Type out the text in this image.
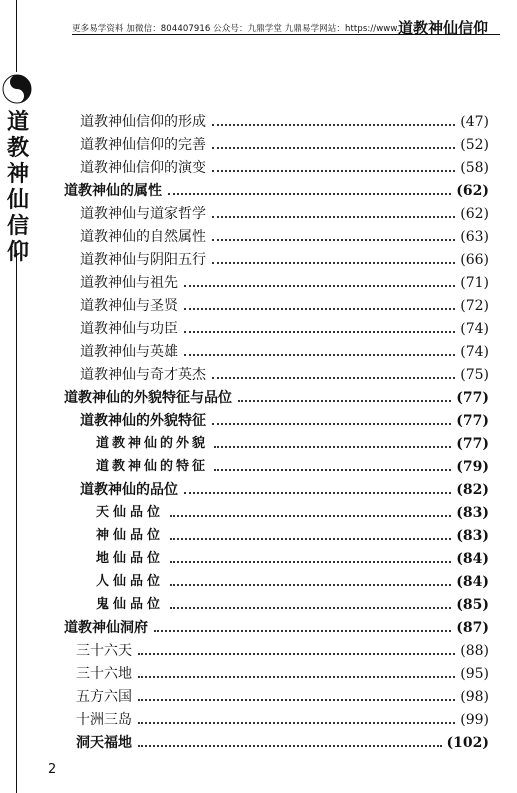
更多易学资料 加微信：804407916 公众号：九鼎学堂 九鼎易学网站：https://www.
道教神仙信仰
道
教
神
仙
信
仰
道教神仙信仰的形成	(47)
道教神仙信仰的完善	(52)
道教神仙信仰的演变	(58)
道教神仙的属性	(62)
道教神仙与道家哲学	(62)
道教神仙的自然属性	(63)
道教神仙与阴阳五行	(66)
道教神仙与祖先	(71)
道教神仙与圣贤	(72)
道教神仙与功臣	(74)
道教神仙与英雄	(74)
道教神仙与奇才英杰	(75)
道教神仙的外貌特征与品位	(77)
道教神仙的外貌特征	(77)
道教神仙的外貌	(77)
道教神仙的特征	(79)
道教神仙的品位	(82)
天仙品位	(83)
神仙品位	(83)
地仙品位	(84)
人仙品位	(84)
鬼仙品位	(85)
道教神仙洞府	(87)
三十六天	(88)
三十六地	(95)
五方六国	(98)
十洲三岛	(99)
洞天福地	(102)
2
